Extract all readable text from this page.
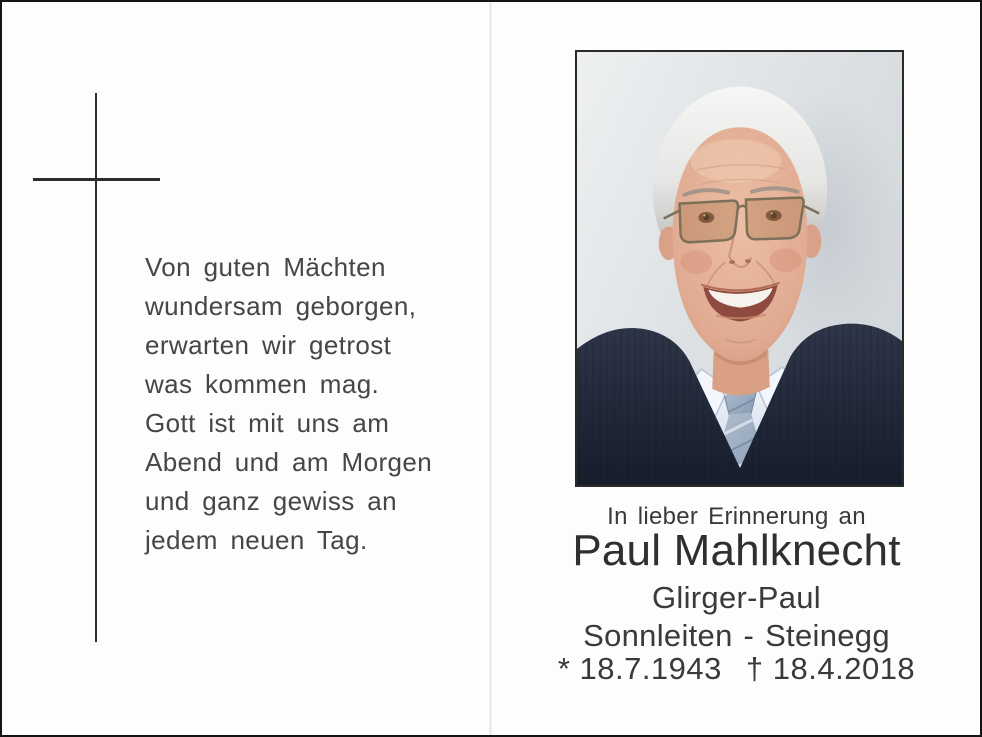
Von guten Mächten
wundersam geborgen,
erwarten wir getrost
was kommen mag.
Gott ist mit uns am
Abend und am Morgen
und ganz gewiss an
jedem neuen Tag.
In lieber Erinnerung an
Paul Mahlknecht
Glirger-Paul
Sonnleiten - Steinegg
* 18.7.1943 † 18.4.2018
